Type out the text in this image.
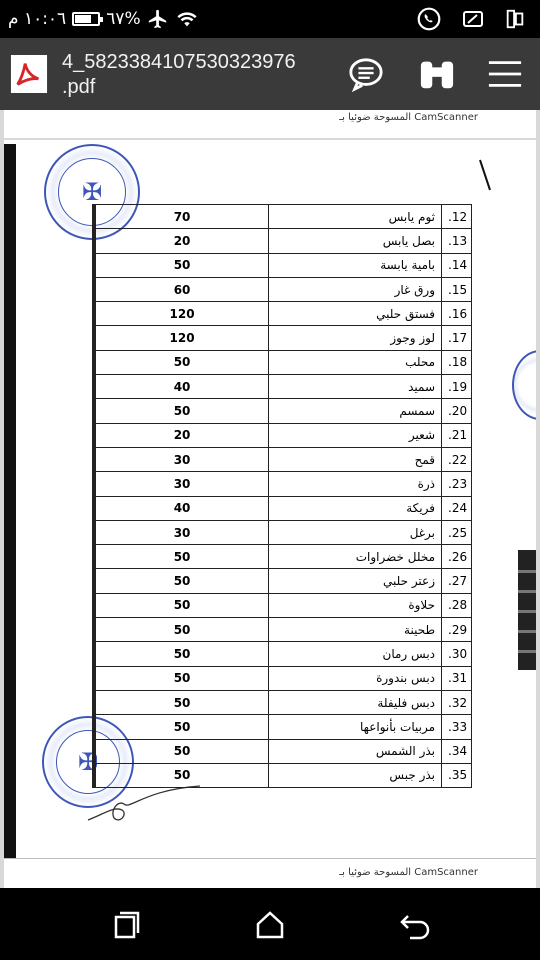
١٠:٠٦ م ٦٧%
4_5823384107530323976
.pdf
المسوحة ضوئيا بـ CamScanner
✠
✠
70	ثوم يابس	.12
20	بصل يابس	.13
50	بامية يابسة	.14
60	ورق غار	.15
120	فستق حلبي	.16
120	لوز وجوز	.17
50	محلب	.18
40	سميد	.19
50	سمسم	.20
20	شعير	.21
30	قمح	.22
30	ذرة	.23
40	فريكة	.24
30	برغل	.25
50	مخلل خضراوات	.26
50	زعتر حلبي	.27
50	حلاوة	.28
50	طحينة	.29
50	دبس رمان	.30
50	دبس بندورة	.31
50	دبس فليفلة	.32
50	مربيات بأنواعها	.33
50	بذر الشمس	.34
50	بذر جبس	.35
المسوحة ضوئيا بـ CamScanner
